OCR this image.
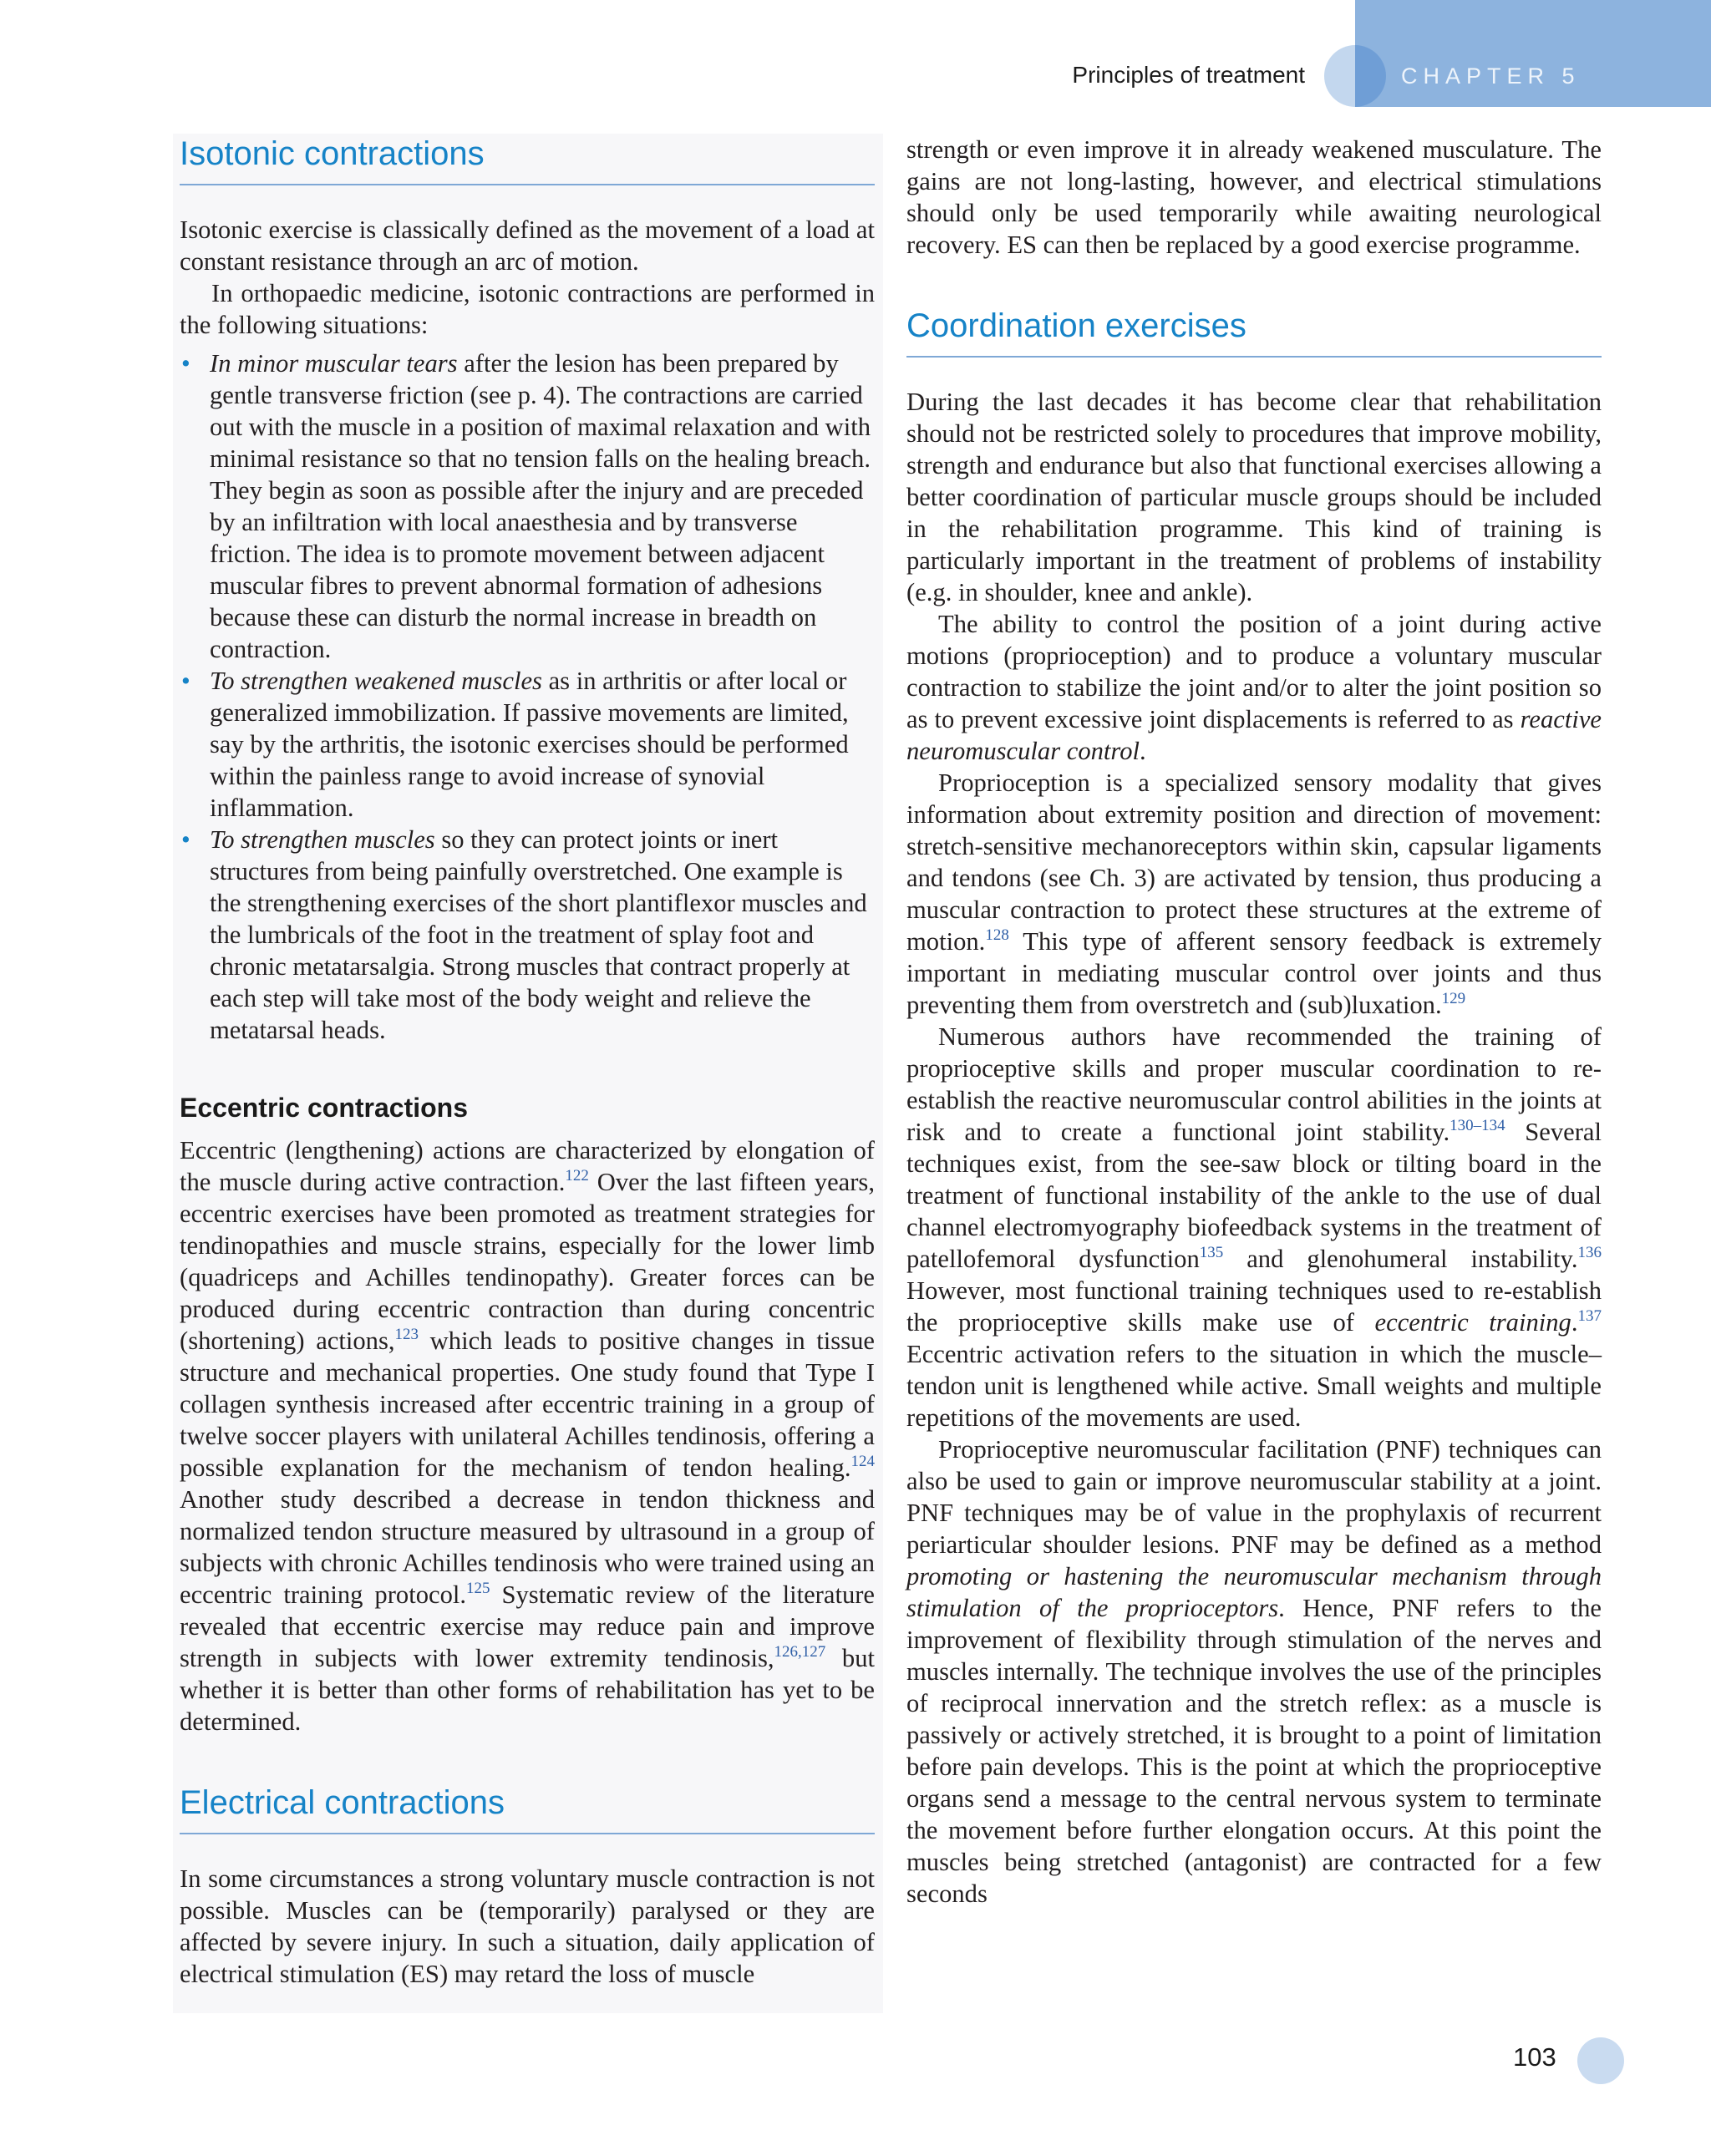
CHAPTER 5
Principles of treatment
Isotonic contractions

Isotonic exercise is classically defined as the movement of a load at constant resistance through an arc of motion.

In orthopaedic medicine, isotonic contractions are performed in the following situations:

• In minor muscular tears after the lesion has been prepared by gentle transverse friction (see p. 4). The contractions are carried out with the muscle in a position of maximal relaxation and with minimal resistance so that no tension falls on the healing breach. They begin as soon as possible after the injury and are preceded by an infiltration with local anaesthesia and by transverse friction. The idea is to promote movement between adjacent muscular fibres to prevent abnormal formation of adhesions because these can disturb the normal increase in breadth on contraction.
• To strengthen weakened muscles as in arthritis or after local or generalized immobilization. If passive movements are limited, say by the arthritis, the isotonic exercises should be performed within the painless range to avoid increase of synovial inflammation.
• To strengthen muscles so they can protect joints or inert structures from being painfully overstretched. One example is the strengthening exercises of the short plantiflexor muscles and the lumbricals of the foot in the treatment of splay foot and chronic metatarsalgia. Strong muscles that contract properly at each step will take most of the body weight and relieve the metatarsal heads.
Eccentric contractions

Eccentric (lengthening) actions are characterized by elongation of the muscle during active contraction.$^{122}$ Over the last fifteen years, eccentric exercises have been promoted as treatment strategies for tendinopathies and muscle strains, especially for the lower limb (quadriceps and Achilles tendinopathy). Greater forces can be produced during eccentric contraction than during concentric (shortening) actions,$^{123}$ which leads to positive changes in tissue structure and mechanical properties. One study found that Type I collagen synthesis increased after eccentric training in a group of twelve soccer players with unilateral Achilles tendinosis, offering a possible explanation for the mechanism of tendon healing.$^{124}$ Another study described a decrease in tendon thickness and normalized tendon structure measured by ultrasound in a group of subjects with chronic Achilles tendinosis who were trained using an eccentric training protocol.$^{125}$ Systematic review of the literature revealed that eccentric exercise may reduce pain and improve strength in subjects with lower extremity tendinosis,$^{126,127}$ but whether it is better than other forms of rehabilitation has yet to be determined.

Electrical contractions

In some circumstances a strong voluntary muscle contraction is not possible. Muscles can be (temporarily) paralysed or they are affected by severe injury. In such a situation, daily application of electrical stimulation (ES) may retard the loss of muscle

strength or even improve it in already weakened musculature. The gains are not long-lasting, however, and electrical stimulations should only be used temporarily while awaiting neurological recovery. ES can then be replaced by a good exercise programme.

Coordination exercises

During the last decades it has become clear that rehabilitation should not be restricted solely to procedures that improve mobility, strength and endurance but also that functional exercises allowing a better coordination of particular muscle groups should be included in the rehabilitation programme. This kind of training is particularly important in the treatment of problems of instability (e.g. in shoulder, knee and ankle).

The ability to control the position of a joint during active motions (proprioception) and to produce a voluntary muscular contraction to stabilize the joint and/or to alter the joint position so as to prevent excessive joint displacements is referred to as reactive neuromuscular control.

Proprioception is a specialized sensory modality that gives information about extremity position and direction of movement: stretch-sensitive mechanoreceptors within skin, capsular ligaments and tendons (see Ch. 3) are activated by tension, thus producing a muscular contraction to protect these structures at the extreme of motion.$^{128}$ This type of afferent sensory feedback is extremely important in mediating muscular control over joints and thus preventing them from overstretch and (sub)luxation.$^{129}$

Numerous authors have recommended the training of proprioceptive skills and proper muscular coordination to re-establish the reactive neuromuscular control abilities in the joints at risk and to create a functional joint stability.$^{130-134}$ Several techniques exist, from the see-saw block or tilting board in the treatment of functional instability of the ankle to the use of dual channel electromyography biofeedback systems in the treatment of patellofemoral dysfunction$^{135}$ and glenohumeral instability.$^{136}$ However, most functional training techniques used to re-establish the proprioceptive skills make use of eccentric training.$^{137}$ Eccentric activation refers to the situation in which the muscle–tendon unit is lengthened while active. Small weights and multiple repetitions of the movements are used.

Proprioceptive neuromuscular facilitation (PNF) techniques can also be used to gain or improve neuromuscular stability at a joint. PNF techniques may be of value in the prophylaxis of recurrent periarticular shoulder lesions. PNF may be defined as a method promoting or hastening the neuromuscular mechanism through stimulation of the proprioceptors. Hence, PNF refers to the improvement of flexibility through stimulation of the nerves and muscles internally. The technique involves the use of the principles of reciprocal innervation and the stretch reflex: as a muscle is passively or actively stretched, it is brought to a point of limitation before pain develops. This is the point at which the proprioceptive organs send a message to the central nervous system to terminate the movement before further elongation occurs. At this point the muscles being stretched (antagonist) are contracted for a few seconds

103
